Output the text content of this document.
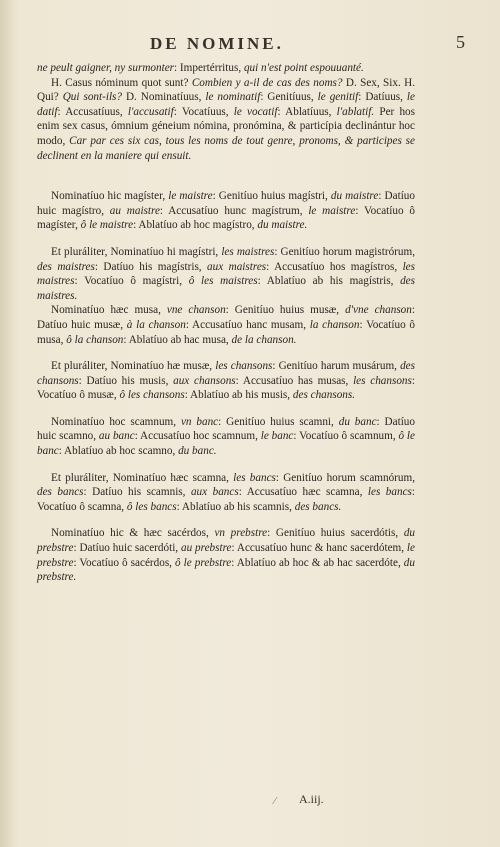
DE NOMINE.	5

ne peult gaigner, ny surmonter: Impertérritus, qui n'est point espouuanté.

H. Casus nóminum quot sunt? Combien y a-il de cas des noms? D. Sex, Six. H. Qui? Qui sont-ils? D. Nominatíuus, le nominatif: Genitíuus, le genitif: Datíuus, le datif: Accusatíuus, l'accusatif: Vocatíuus, le vocatif: Ablatíuus, l'ablatif. Per hos enim sex casus, ómnium géneium nómina, pronómina, & particípia declinántur hoc modo, Car par ces six cas, tous les noms de tout genre, pronoms, & participes se declinent en la maniere qui ensuit.

Nominatíuo hic magíster, le maistre: Genitíuo huius magístri, du maistre: Datíuo huic magístro, au maistre: Accusatíuo hunc magístrum, le maistre: Vocatíuo ô magíster, ô le maistre: Ablatíuo ab hoc magístro, du maistre.

Et pluráliter, Nominatíuo hi magístri, les maistres: Genitíuo horum magistrórum, des maistres: Datíuo his magístris, aux maistres: Accusatíuo hos magístros, les maistres: Vocatíuo ô magístri, ô les maistres: Ablatíuo ab his magístris, des maistres.

Nominatíuo hæc musa, vne chanson: Genitíuo huius musæ, d'vne chanson: Datíuo huic musæ, à la chanson: Accusatíuo hanc musam, la chanson: Vocatíuo ô musa, ô la chanson: Ablatíuo ab hac musa, de la chanson.

Et pluráliter, Nominatíuo hæ musæ, les chansons: Genitíuo harum musárum, des chansons: Datíuo his musis, aux chansons: Accusatíuo has musas, les chansons: Vocatíuo ô musæ, ô les chansons: Ablatíuo ab his musis, des chansons.

Nominatíuo hoc scamnum, vn banc: Genitíuo huius scamni, du banc: Datíuo huic scamno, au banc: Accusatíuo hoc scamnum, le banc: Vocatíuo ô scamnum, ô le banc: Ablatíuo ab hoc scamno, du banc.

Et pluráliter, Nominatíuo hæc scamna, les bancs: Genitíuo horum scamnórum, des bancs: Datíuo his scamnis, aux bancs: Accusatíuo hæc scamna, les bancs: Vocatíuo ô scamna, ô les bancs: Ablatíuo ab his scamnis, des bancs.

Nominatíuo hic & hæc sacérdos, vn prebstre: Genitíuo huius sacerdótis, du prebstre: Datíuo huic sacerdóti, au prebstre: Accusatíuo hunc & hanc sacerdótem, le prebstre: Vocatíuo ô sacérdos, ô le prebstre: Ablatíuo ab hoc & ab hac sacerdóte, du prebstre.

⁄ A.iij.
